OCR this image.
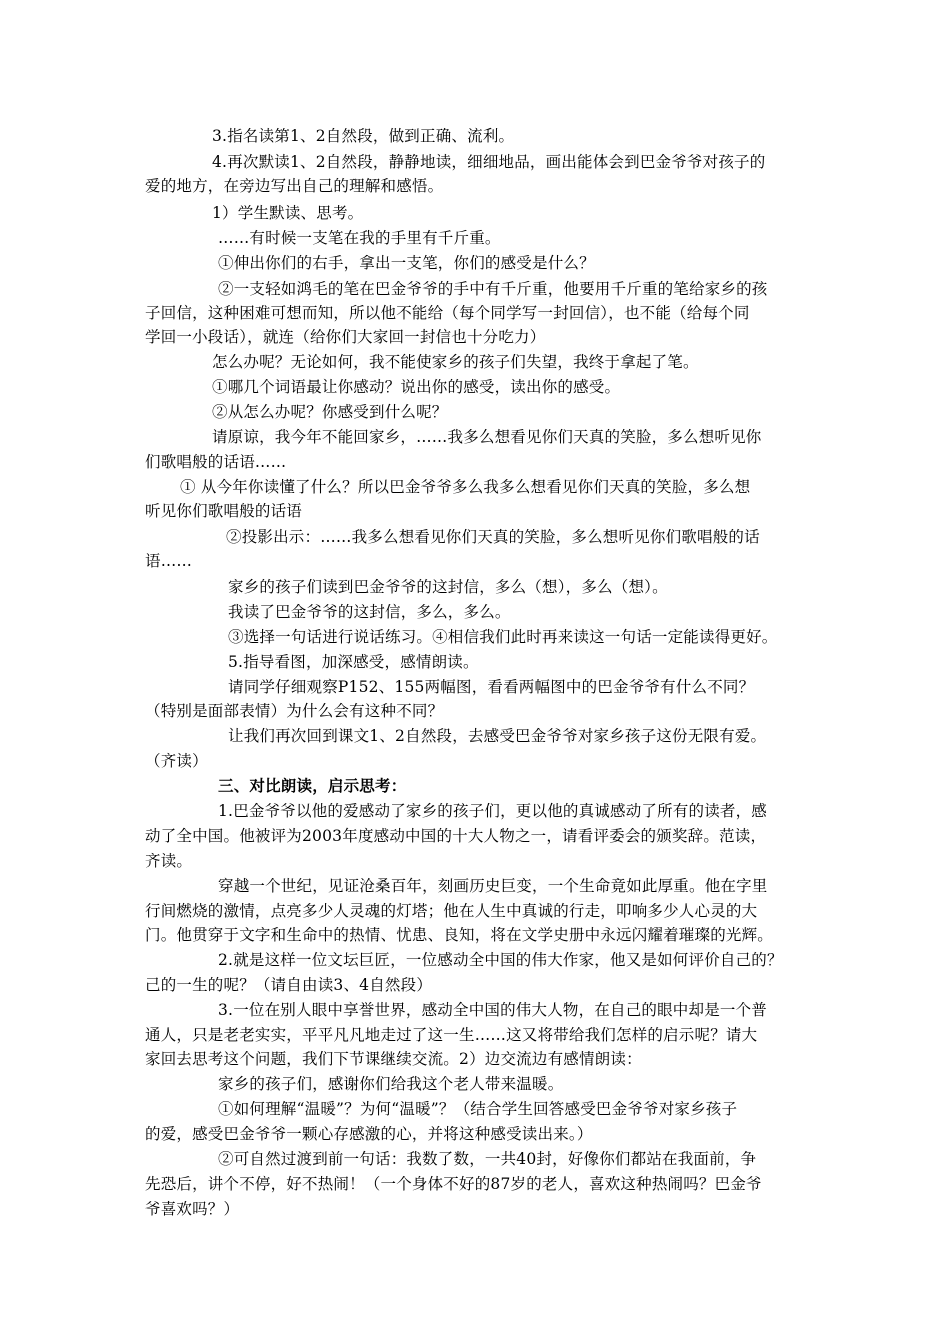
3.指名读第1、2自然段，做到正确、流利。
4.再次默读1、2自然段，静静地读，细细地品，画出能体会到巴金爷爷对孩子的
爱的地方，在旁边写出自己的理解和感悟。
1）学生默读、思考。
……有时候一支笔在我的手里有千斤重。
①伸出你们的右手，拿出一支笔，你们的感受是什么？
②一支轻如鸿毛的笔在巴金爷爷的手中有千斤重，他要用千斤重的笔给家乡的孩
子回信，这种困难可想而知，所以他不能给（每个同学写一封回信），也不能（给每个同
学回一小段话），就连（给你们大家回一封信也十分吃力）
怎么办呢？无论如何，我不能使家乡的孩子们失望，我终于拿起了笔。
①哪几个词语最让你感动？说出你的感受，读出你的感受。
②从怎么办呢？你感受到什么呢？
请原谅，我今年不能回家乡，……我多么想看见你们天真的笑脸，多么想听见你
们歌唱般的话语……
① 从今年你读懂了什么？所以巴金爷爷多么我多么想看见你们天真的笑脸，多么想
听见你们歌唱般的话语
②投影出示：……我多么想看见你们天真的笑脸，多么想听见你们歌唱般的话
语……
家乡的孩子们读到巴金爷爷的这封信，多么（想），多么（想）。
我读了巴金爷爷的这封信，多么，多么。
③选择一句话进行说话练习。④相信我们此时再来读这一句话一定能读得更好。
5.指导看图，加深感受，感情朗读。
请同学仔细观察P152、155两幅图，看看两幅图中的巴金爷爷有什么不同？
（特别是面部表情）为什么会有这种不同？
让我们再次回到课文1、2自然段，去感受巴金爷爷对家乡孩子这份无限有爱。
（齐读）
三、对比朗读，启示思考：
1.巴金爷爷以他的爱感动了家乡的孩子们，更以他的真诚感动了所有的读者，感
动了全中国。他被评为2003年度感动中国的十大人物之一，请看评委会的颁奖辞。范读，
齐读。
穿越一个世纪，见证沧桑百年，刻画历史巨变，一个生命竟如此厚重。他在字里
行间燃烧的激情，点亮多少人灵魂的灯塔；他在人生中真诚的行走，叩响多少人心灵的大
门。他贯穿于文字和生命中的热情、忧患、良知，将在文学史册中永远闪耀着璀璨的光辉。
2.就是这样一位文坛巨匠，一位感动全中国的伟大作家，他又是如何评价自己的？
己的一生的呢？（请自由读3、4自然段）
3.一位在别人眼中享誉世界，感动全中国的伟大人物，在自己的眼中却是一个普
通人，只是老老实实，平平凡凡地走过了这一生……这又将带给我们怎样的启示呢？请大
家回去思考这个问题，我们下节课继续交流。2）边交流边有感情朗读：
家乡的孩子们，感谢你们给我这个老人带来温暖。
①如何理解“温暖”？为何“温暖”？（结合学生回答感受巴金爷爷对家乡孩子
的爱，感受巴金爷爷一颗心存感激的心，并将这种感受读出来。）
②可自然过渡到前一句话：我数了数，一共40封，好像你们都站在我面前，争
先恐后，讲个不停，好不热闹！（一个身体不好的87岁的老人，喜欢这种热闹吗？巴金爷
爷喜欢吗？）
